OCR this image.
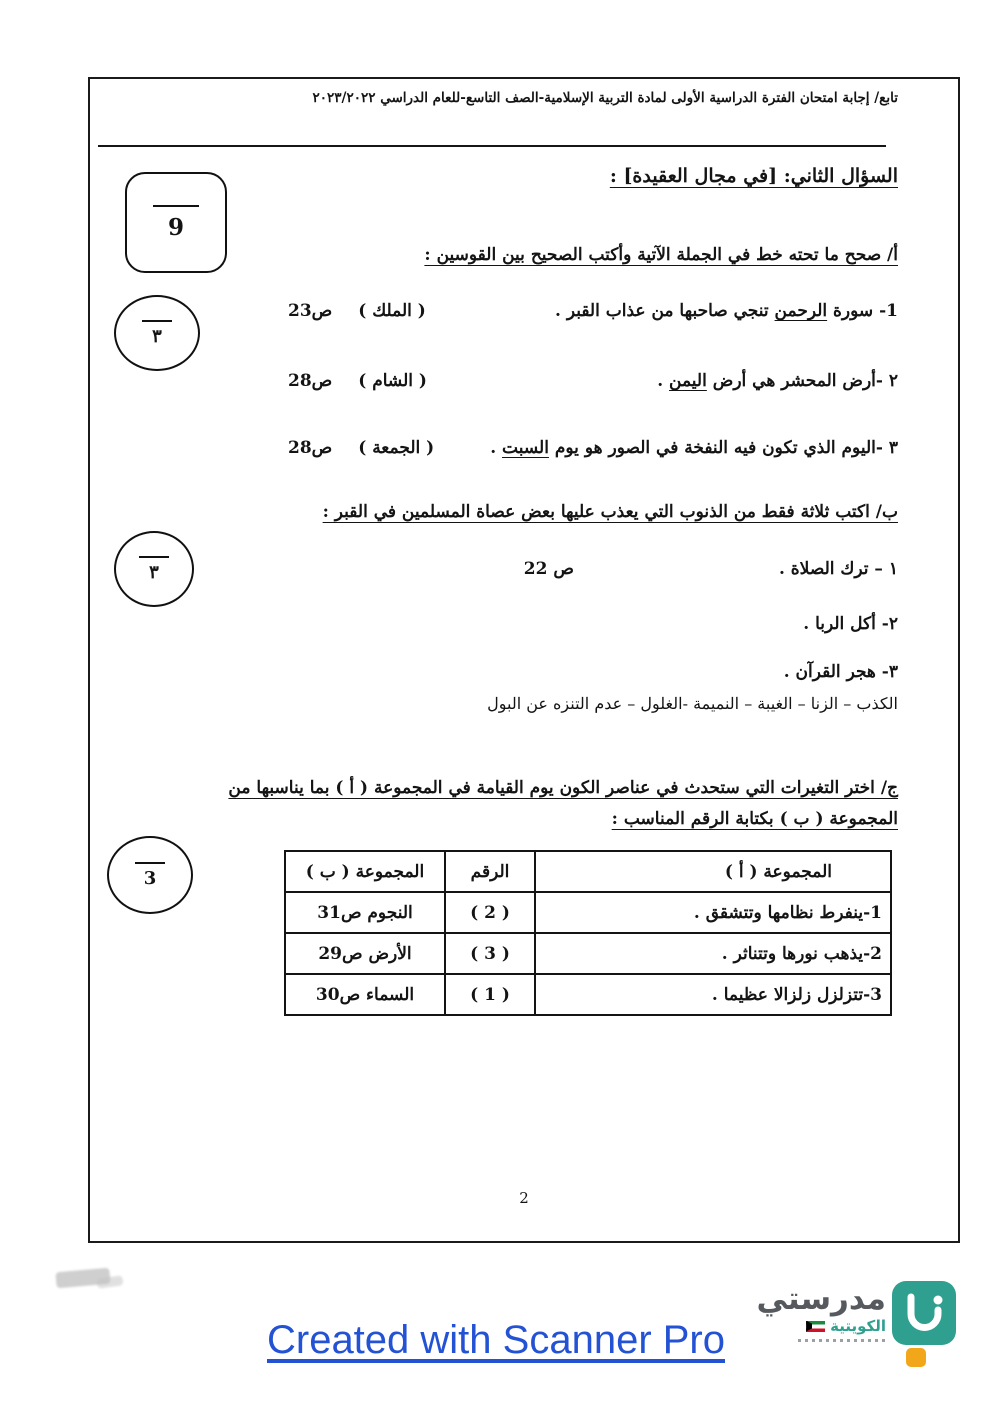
تابع/ إجابة امتحان الفترة الدراسية الأولى لمادة التربية الإسلامية-الصف التاسع-للعام الدراسي ٢٠٢٣/٢٠٢٢
السؤال الثاني: [في مجال العقيدة] :
9
أ/ صحح ما تحته خط في الجملة الآتية وأكتب الصحيح بين القوسين :
1- سورة الرحمن تنجي صاحبها من عذاب القبر .
( الملك )
ص23
٢ -أرض المحشر هي أرض اليمن .
( الشام )
ص28
٣ -اليوم الذي تكون فيه النفخة في الصور هو يوم السبت .
( الجمعة )
ص28
٣
ب/ اكتب ثلاثة فقط من الذنوب التي يعذب عليها بعض عصاة المسلمين في القبر :
١ – ترك الصلاة .
ص 22
٢- أكل الربا .
٣- هجر القرآن .
الكذب – الزنا – الغيبة – النميمة -الغلول – عدم التنزه عن البول
٣
ج/ اختر التغيرات التي ستحدث في عناصر الكون يوم القيامة في المجموعة ( أ ) بما يناسبها من
المجموعة ( ب ) بكتابة الرقم المناسب :
3	المجموعة ( أ )	الرقم	المجموعة ( ب )
1-ينفرط نظامها وتتشقق .	( 2 )	النجوم ص31
2-يذهب نورها وتتناثر .	( 3 )	الأرض ص29
3-تتزلزل زلزالا عظيما .	( 1 )	السماء ص30
2
Created with Scanner Pro
مدرستي
الكويتية
